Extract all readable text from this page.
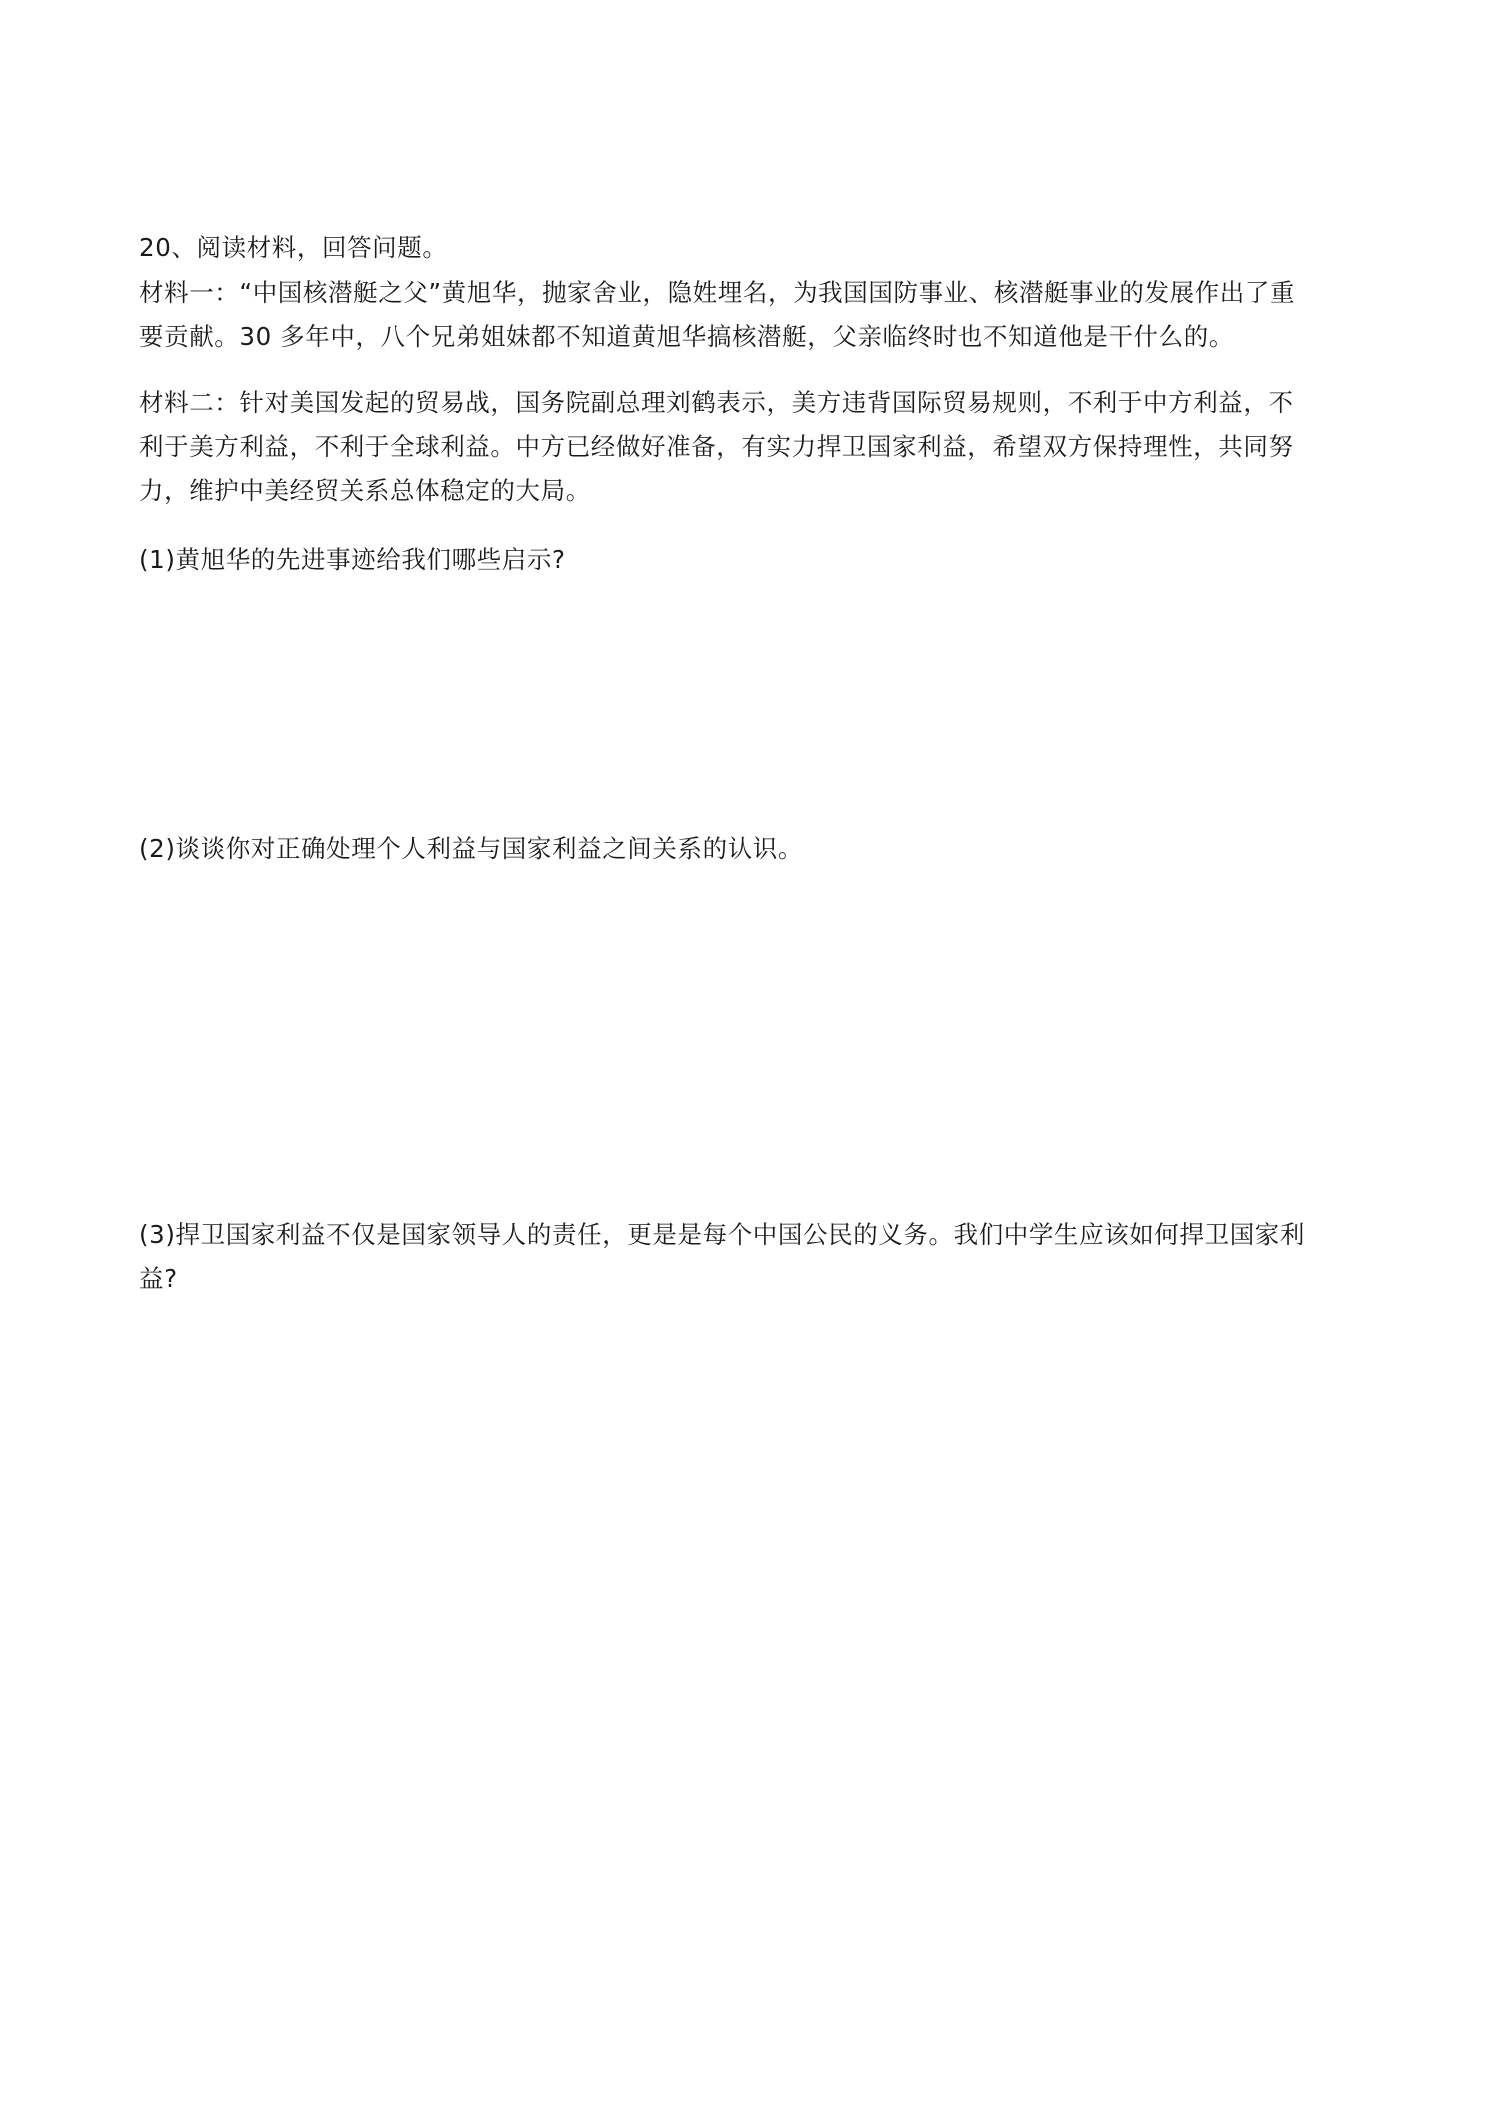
20、阅读材料，回答问题。
材料一：“中国核潜艇之父”黄旭华，抛家舍业，隐姓埋名，为我国国防事业、核潜艇事业的发展作出了重
要贡献。30 多年中，八个兄弟姐妹都不知道黄旭华搞核潜艇，父亲临终时也不知道他是干什么的。
材料二：针对美国发起的贸易战，国务院副总理刘鹤表示，美方违背国际贸易规则，不利于中方利益，不
利于美方利益，不利于全球利益。中方已经做好准备，有实力捍卫国家利益，希望双方保持理性，共同努
力，维护中美经贸关系总体稳定的大局。
(1)黄旭华的先进事迹给我们哪些启示?
(2)谈谈你对正确处理个人利益与国家利益之间关系的认识。
(3)捍卫国家利益不仅是国家领导人的责任，更是是每个中国公民的义务。我们中学生应该如何捍卫国家利
益?
